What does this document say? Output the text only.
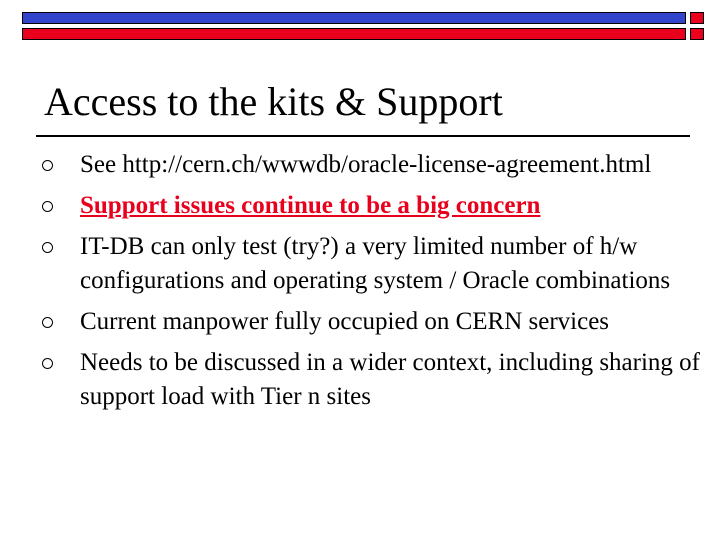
Access to the kits & Support
See http://cern.ch/wwwdb/oracle-license-agreement.html
Support issues continue to be a big concern
IT-DB can only test (try?) a very limited number of h/w configurations and operating system / Oracle combinations
Current manpower fully occupied on CERN services
Needs to be discussed in a wider context, including sharing of support load with Tier n sites
